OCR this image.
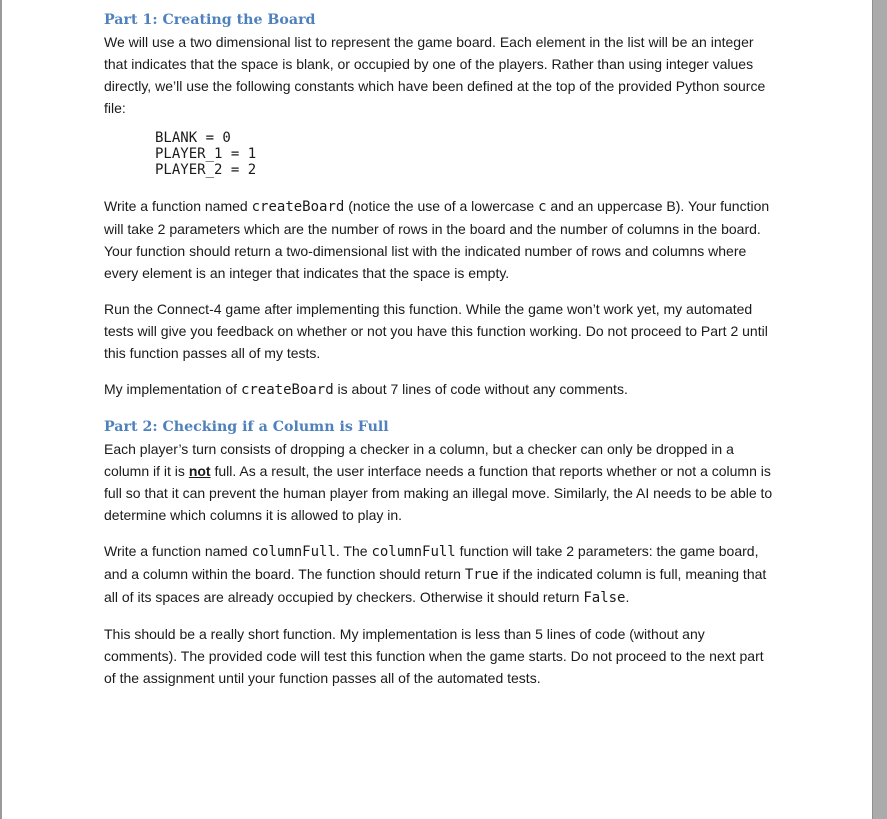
Part 1: Creating the Board

We will use a two dimensional list to represent the game board. Each element in the list will be an integer that indicates that the space is blank, or occupied by one of the players. Rather than using integer values directly, we’ll use the following constants which have been defined at the top of the provided Python source file:

BLANK = 0
PLAYER_1 = 1
PLAYER_2 = 2

Write a function named createBoard (notice the use of a lowercase c and an uppercase B). Your function will take 2 parameters which are the number of rows in the board and the number of columns in the board. Your function should return a two-dimensional list with the indicated number of rows and columns where every element is an integer that indicates that the space is empty.

Run the Connect-4 game after implementing this function. While the game won’t work yet, my automated tests will give you feedback on whether or not you have this function working. Do not proceed to Part 2 until this function passes all of my tests.

My implementation of createBoard is about 7 lines of code without any comments.

Part 2: Checking if a Column is Full

Each player’s turn consists of dropping a checker in a column, but a checker can only be dropped in a column if it is not full. As a result, the user interface needs a function that reports whether or not a column is full so that it can prevent the human player from making an illegal move. Similarly, the AI needs to be able to determine which columns it is allowed to play in.

Write a function named columnFull. The columnFull function will take 2 parameters: the game board, and a column within the board. The function should return True if the indicated column is full, meaning that all of its spaces are already occupied by checkers. Otherwise it should return False.

This should be a really short function. My implementation is less than 5 lines of code (without any comments). The provided code will test this function when the game starts. Do not proceed to the next part of the assignment until your function passes all of the automated tests.
